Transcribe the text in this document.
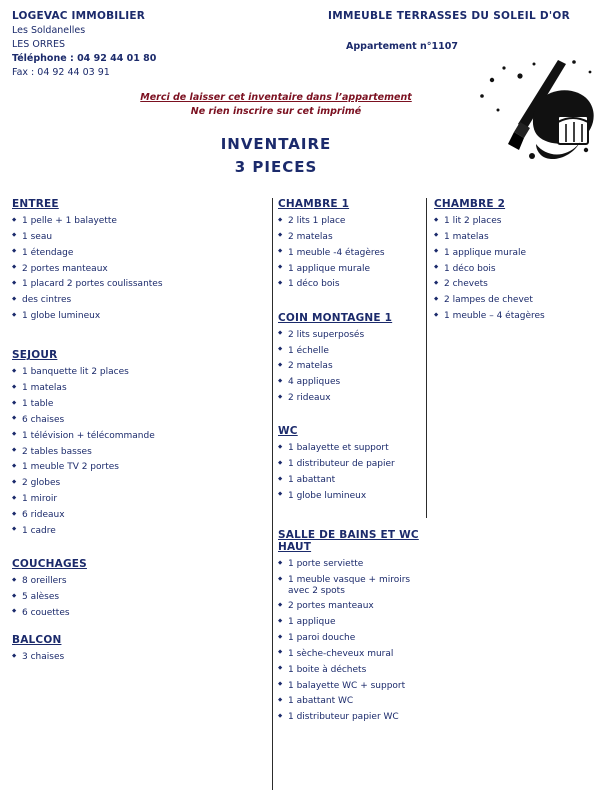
LOGEVAC IMMOBILIER
Les Soldanelles
LES ORRES
Téléphone : 04 92 44 01 80
Fax : 04 92 44 03 91
IMMEUBLE TERRASSES DU SOLEIL D'OR
Appartement n°1107
Merci de laisser cet inventaire dans l’appartement
Ne rien inscrire sur cet imprimé
INVENTAIRE
3 PIECES
ENTREE
◆ 1 pelle + 1 balayette
◆ 1 seau
◆ 1 étendage
◆ 2 portes manteaux
◆ 1 placard 2 portes coulissantes
◆ des cintres
◆ 1 globe lumineux
SEJOUR
◆ 1 banquette lit 2 places
◆ 1 matelas
◆ 1 table
◆ 6 chaises
◆ 1 télévision + télécommande
◆ 2 tables basses
◆ 1 meuble TV 2 portes
◆ 2 globes
◆ 1 miroir
◆ 6 rideaux
◆ 1 cadre
COUCHAGES
◆ 8 oreillers
◆ 5 alèses
◆ 6 couettes
BALCON
◆ 3 chaises
CHAMBRE 1
◆ 2 lits 1 place
◆ 2 matelas
◆ 1 meuble -4 étagères
◆ 1 applique murale
◆ 1 déco bois
COIN MONTAGNE 1
◆ 2 lits superposés
◆ 1 échelle
◆ 2 matelas
◆ 4 appliques
◆ 2 rideaux
WC
◆ 1 balayette et support
◆ 1 distributeur de papier
◆ 1 abattant
◆ 1 globe lumineux
SALLE DE BAINS ET WC HAUT
◆ 1 porte serviette
◆ 1 meuble vasque + miroirs avec 2 spots
◆ 2 portes manteaux
◆ 1 applique
◆ 1 paroi douche
◆ 1 sèche-cheveux mural
◆ 1 boite à déchets
◆ 1 balayette WC + support
◆ 1 abattant WC
◆ 1 distributeur papier WC
CHAMBRE 2
◆ 1 lit 2 places
◆ 1 matelas
◆ 1 applique murale
◆ 1 déco bois
◆ 2 chevets
◆ 2 lampes de chevet
◆ 1 meuble – 4 étagères
